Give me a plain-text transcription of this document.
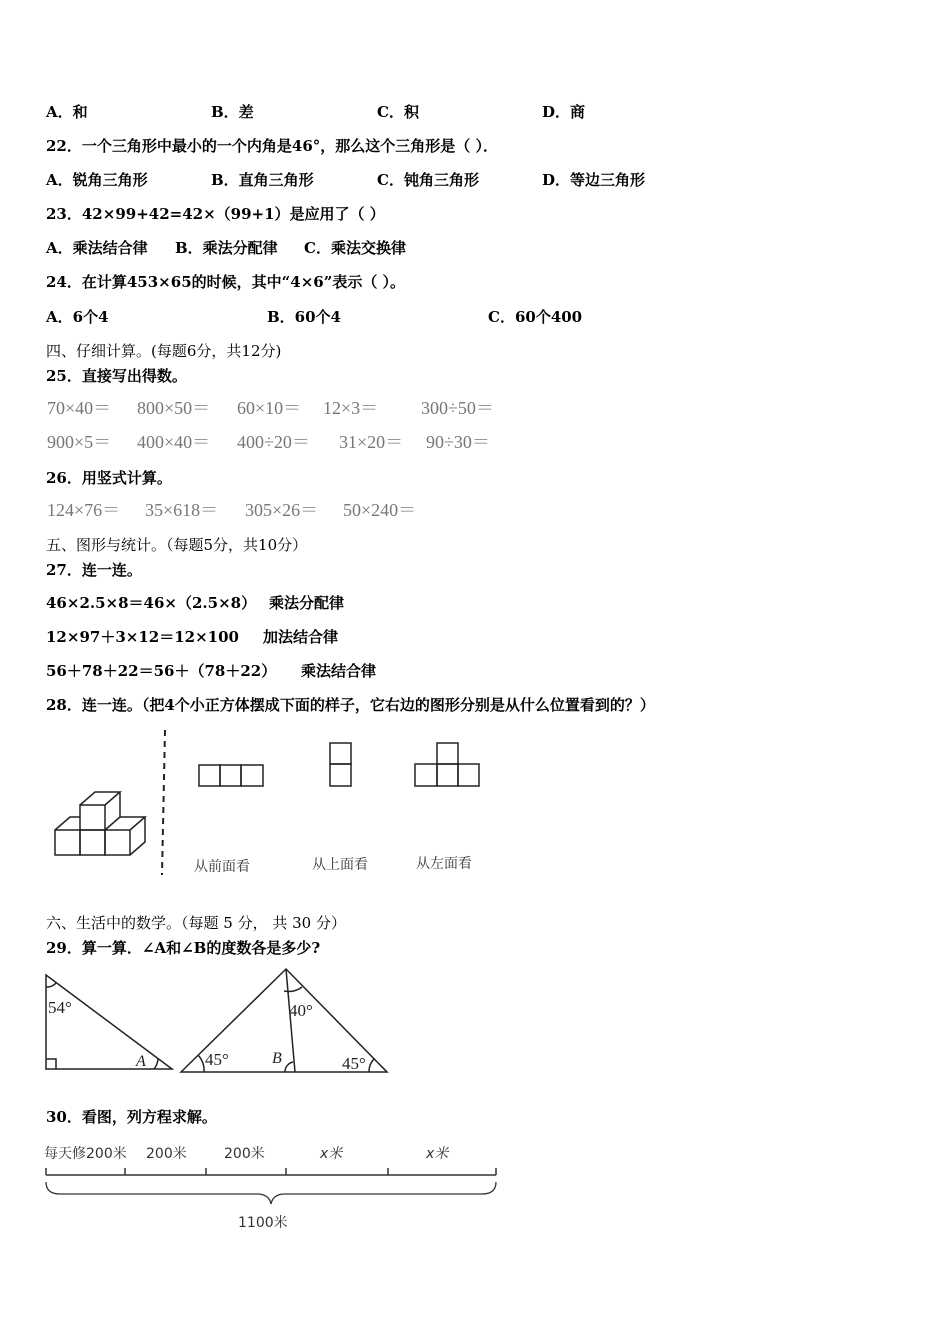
A．和	B．差	C．积	D．商
22．一个三角形中最小的一个内角是46°，那么这个三角形是（ ）．
A．锐角三角形	B．直角三角形	C．钝角三角形	D．等边三角形
23．42×99+42=42×（99+1）是应用了（ ）
A．乘法结合律 B．乘法分配律 C．乘法交换律
24．在计算453×65的时候，其中“4×6”表示（ ）。
A．6个4	B．60个4	C．60个400
四、仔细计算。(每题6分，共12分)
25．直接写出得数。
70×40＝ 800×50＝ 60×10＝ 12×3＝ 300÷50＝
900×5＝ 400×40＝ 400÷20＝ 31×20＝ 90÷30＝
26．用竖式计算。
124×76＝ 35×618＝ 305×26＝ 50×240＝
五、图形与统计。（每题5分，共10分）
27．连一连。
46×2.5×8＝46×（2.5×8） 乘法分配律
12×97＋3×12＝12×100 加法结合律
56＋78＋22＝56＋（78＋22） 乘法结合律
28．连一连。（把4个小正方体摆成下面的样子，它右边的图形分别是从什么位置看到的？）
从前面看	从上面看	从左面看
六、生活中的数学。（每题 5 分， 共 30 分）
29．算一算．∠A和∠B的度数各是多少?
54°
A
40°
45°	B	45°
30．看图，列方程求解。
每天修200米 200米	200米	x米	x米
1100米
